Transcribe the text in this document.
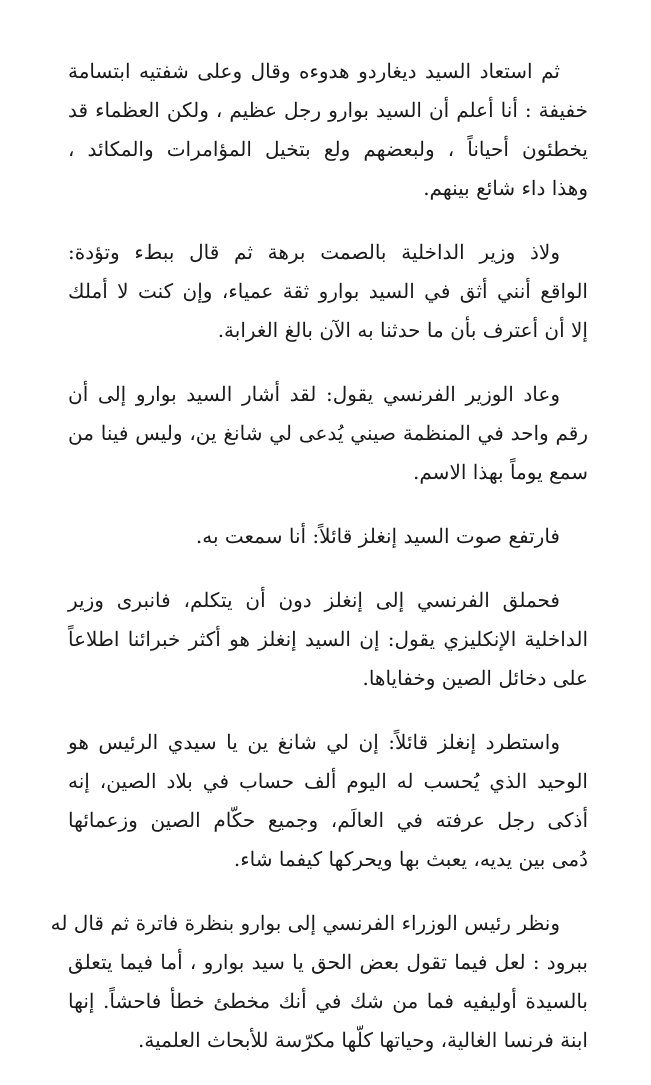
ثم استعاد السيد ديغاردو هدوءه وقال وعلى شفتيه ابتسامة
خفيفة : أنا أعلم أن السيد بوارو رجل عظيم ، ولكن العظماء قد
يخطئون أحياناً ، ولبعضهم ولع بتخيل المؤامرات والمكائد ،
وهذا داء شائع بينهم.
ولاذ وزير الداخلية بالصمت برهة ثم قال ببطء وتؤدة:
الواقع أنني أثق في السيد بوارو ثقة عمياء، وإن كنت لا أملك
إلا أن أعترف بأن ما حدثنا به الآن بالغ الغرابة.
وعاد الوزير الفرنسي يقول: لقد أشار السيد بوارو إلى أن
رقم واحد في المنظمة صيني يُدعى لي شانغ ين، وليس فينا من
سمع يوماً بهذا الاسم.
فارتفع صوت السيد إنغلز قائلاً: أنا سمعت به.
فحملق الفرنسي إلى إنغلز دون أن يتكلم، فانبرى وزير
الداخلية الإنكليزي يقول: إن السيد إنغلز هو أكثر خبرائنا اطلاعاً
على دخائل الصين وخفاياها.
واستطرد إنغلز قائلاً: إن لي شانغ ين يا سيدي الرئيس هو
الوحيد الذي يُحسب له اليوم ألف حساب في بلاد الصين، إنه
أذكى رجل عرفته في العالَم، وجميع حكّام الصين وزعمائها
دُمى بين يديه، يعبث بها ويحركها كيفما شاء.
ونظر رئيس الوزراء الفرنسي إلى بوارو بنظرة فاترة ثم قال له
ببرود : لعل فيما تقول بعض الحق يا سيد بوارو ، أما فيما يتعلق
بالسيدة أوليفيه فما من شك في أنك مخطئ خطأ فاحشاً. إنها
ابنة فرنسا الغالية، وحياتها كلّها مكرّسة للأبحاث العلمية.
